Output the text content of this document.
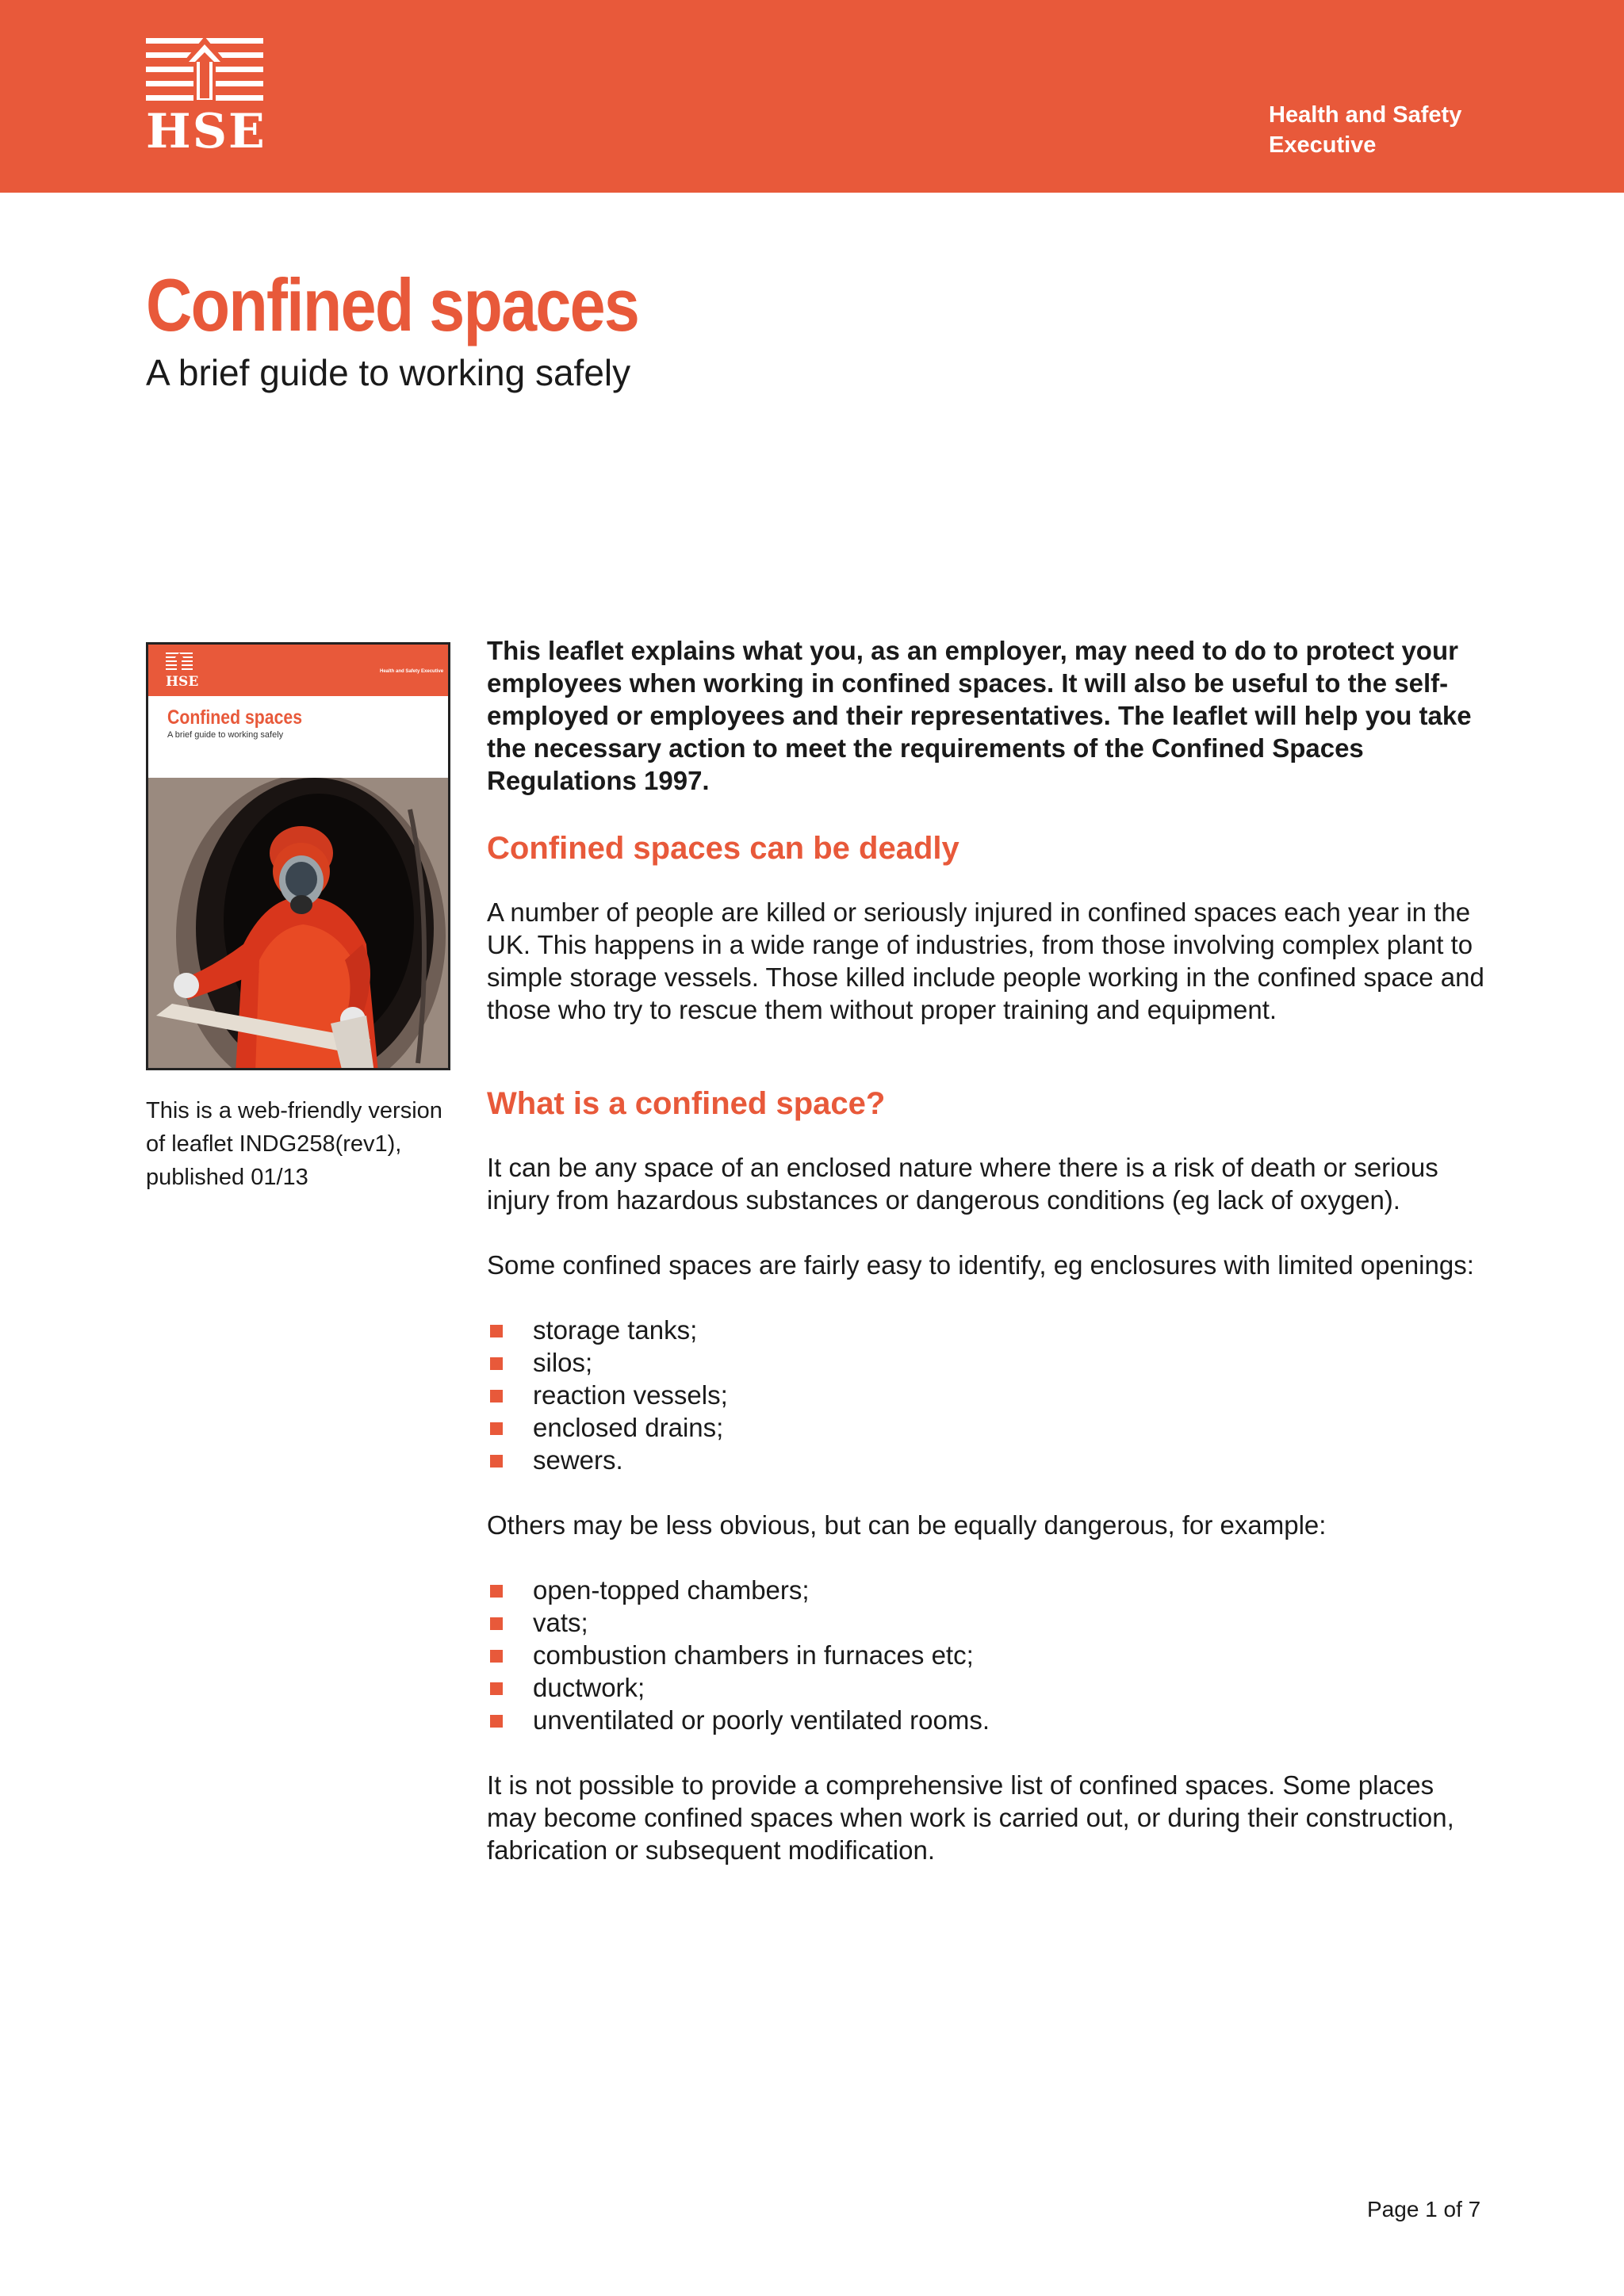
HSE	Health and Safety
Executive
Confined spaces
A brief guide to working safely
HSE
Health and Safety Executive
Confined spaces
A brief guide to working safely
This is a web-friendly version of leaflet INDG258(rev1), published 01/13

This leaflet explains what you, as an employer, may need to do to protect your employees when working in confined spaces. It will also be useful to the self-employed or employees and their representatives. The leaflet will help you take the necessary action to meet the requirements of the Confined Spaces Regulations 1997.

Confined spaces can be deadly

A number of people are killed or seriously injured in confined spaces each year in the UK. This happens in a wide range of industries, from those involving complex plant to simple storage vessels. Those killed include people working in the confined space and those who try to rescue them without proper training and equipment.

What is a confined space?

It can be any space of an enclosed nature where there is a risk of death or serious injury from hazardous substances or dangerous conditions (eg lack of oxygen).

Some confined spaces are fairly easy to identify, eg enclosures with limited openings:

storage tanks;
silos;
reaction vessels;
enclosed drains;
sewers.

Others may be less obvious, but can be equally dangerous, for example:

open-topped chambers;
vats;
combustion chambers in furnaces etc;
ductwork;
unventilated or poorly ventilated rooms.

It is not possible to provide a comprehensive list of confined spaces. Some places may become confined spaces when work is carried out, or during their construction, fabrication or subsequent modification.

Page 1 of 7
